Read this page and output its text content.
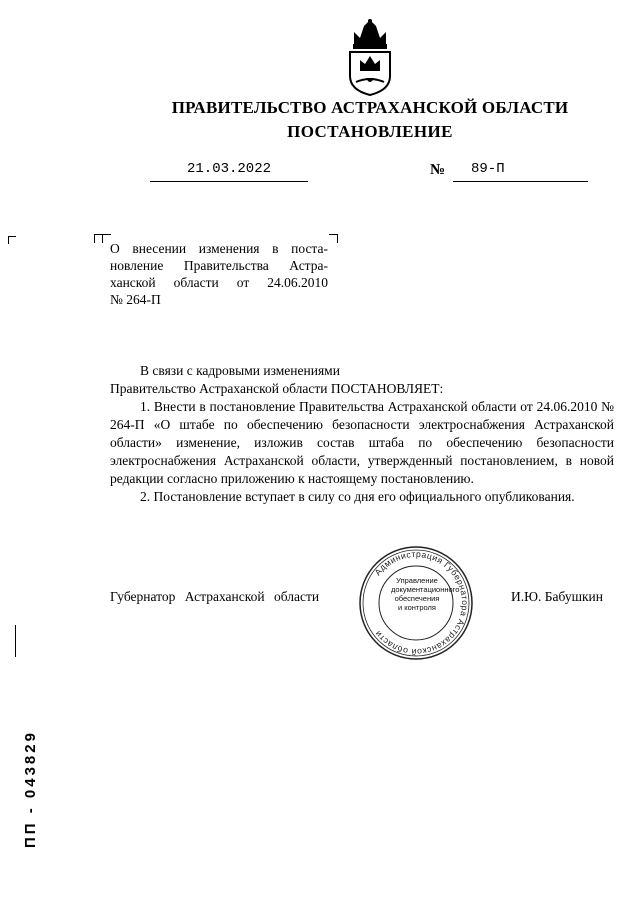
ПРАВИТЕЛЬСТВО АСТРАХАНСКОЙ ОБЛАСТИ
ПОСТАНОВЛЕНИЕ
21.03.2022	№	89-П
О внесении изменения в поста-
новление Правительства Астра-
ханской области от 24.06.2010
№ 264-П

В связи с кадровыми изменениями

Правительство Астраханской области ПОСТАНОВЛЯЕТ:

1. Внести в постановление Правительства Астраханской области от 24.06.2010 № 264-П «О штабе по обеспечению безопасности электроснабжения Астраханской области» изменение, изложив состав штаба по обеспечению безопасности электроснабжения Астраханской области, утвержденный постановлением, в новой редакции согласно приложению к настоящему постановлению.

2. Постановление вступает в силу со дня его официального опубликования.

Губернатор Астраханской области
Администрация Губернатора Астраханской области
Управление
документационного
обеспечения
и контроля
И.Ю. Бабушкин
ПП - 043829
